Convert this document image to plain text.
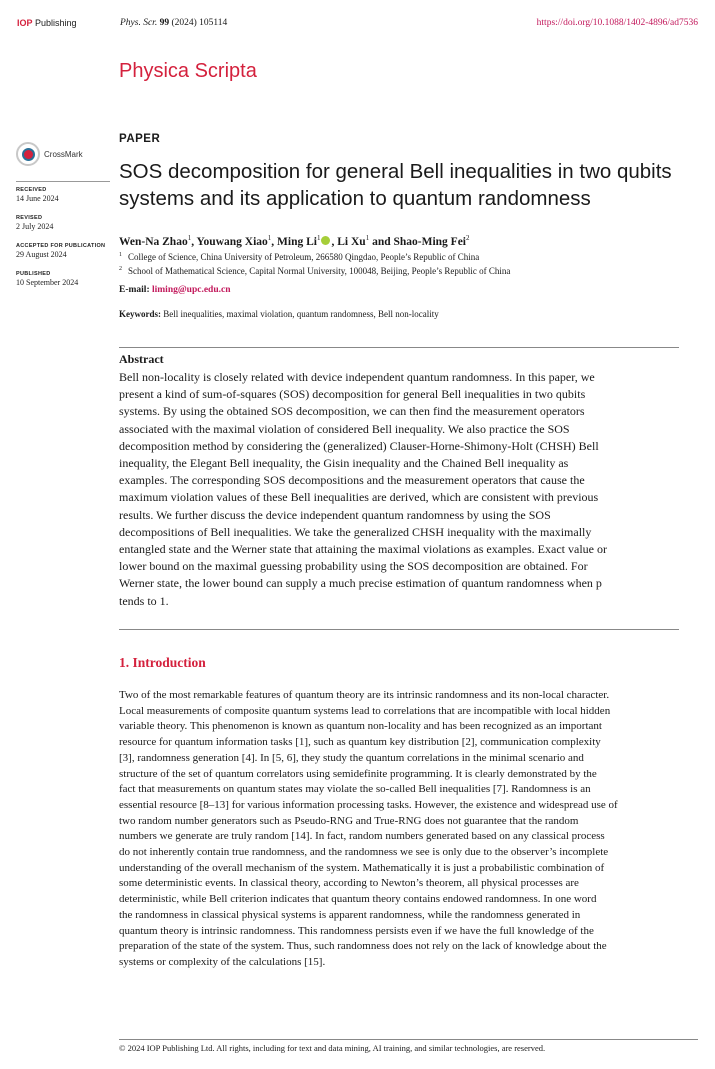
IOP Publishing	Phys. Scr. 99 (2024) 105114	https://doi.org/10.1088/1402-4896/ad7536
Physica Scripta
CrossMark
RECEIVED
14 June 2024
REVISED
2 July 2024
ACCEPTED FOR PUBLICATION
29 August 2024
PUBLISHED
10 September 2024
PAPER
SOS decomposition for general Bell inequalities in two qubits
systems and its application to quantum randomness
Wen-Na Zhao$^1$, Youwang Xiao$^1$, Ming Li$^1$ , Li Xu$^1$ and Shao-Ming Fei$^2$
$^1$ College of Science, China University of Petroleum, 266580 Qingdao, People’s Republic of China
$^2$ School of Mathematical Science, Capital Normal University, 100048, Beijing, People’s Republic of China
E-mail: liming@upc.edu.cn
Keywords: Bell inequalities, maximal violation, quantum randomness, Bell non-locality
Abstract
Bell non-locality is closely related with device independent quantum randomness. In this paper, we
present a kind of sum-of-squares (SOS) decomposition for general Bell inequalities in two qubits
systems. By using the obtained SOS decomposition, we can then find the measurement operators
associated with the maximal violation of considered Bell inequality. We also practice the SOS
decomposition method by considering the (generalized) Clauser-Horne-Shimony-Holt (CHSH) Bell
inequality, the Elegant Bell inequality, the Gisin inequality and the Chained Bell inequality as
examples. The corresponding SOS decompositions and the measurement operators that cause the
maximum violation values of these Bell inequalities are derived, which are consistent with previous
results. We further discuss the device independent quantum randomness by using the SOS
decompositions of Bell inequalities. We take the generalized CHSH inequality with the maximally
entangled state and the Werner state that attaining the maximal violations as examples. Exact value or
lower bound on the maximal guessing probability using the SOS decomposition are obtained. For
Werner state, the lower bound can supply a much precise estimation of quantum randomness when p
tends to 1.
1. Introduction
Two of the most remarkable features of quantum theory are its intrinsic randomness and its non-local character.
Local measurements of composite quantum systems lead to correlations that are incompatible with local hidden
variable theory. This phenomenon is known as quantum non-locality and has been recognized as an important
resource for quantum information tasks [1], such as quantum key distribution [2], communication complexity
[3], randomness generation [4]. In [5, 6], they study the quantum correlations in the minimal scenario and
structure of the set of quantum correlators using semidefinite programming. It is clearly demonstrated by the
fact that measurements on quantum states may violate the so-called Bell inequalities [7]. Randomness is an
essential resource [8–13] for various information processing tasks. However, the existence and widespread use of
two random number generators such as Pseudo-RNG and True-RNG does not guarantee that the random
numbers we generate are truly random [14]. In fact, random numbers generated based on any classical process
do not inherently contain true randomness, and the randomness we see is only due to the observer’s incomplete
understanding of the overall mechanism of the system. Mathematically it is just a probabilistic combination of
some deterministic events. In classical theory, according to Newton’s theorem, all physical processes are
deterministic, while Bell criterion indicates that quantum theory contains endowed randomness. In one word
the randomness in classical physical systems is apparent randomness, while the randomness generated in
quantum theory is intrinsic randomness. This randomness persists even if we have the full knowledge of the
preparation of the state of the system. Thus, such randomness does not rely on the lack of knowledge about the
systems or complexity of the calculations [15].
© 2024 IOP Publishing Ltd. All rights, including for text and data mining, AI training, and similar technologies, are reserved.
